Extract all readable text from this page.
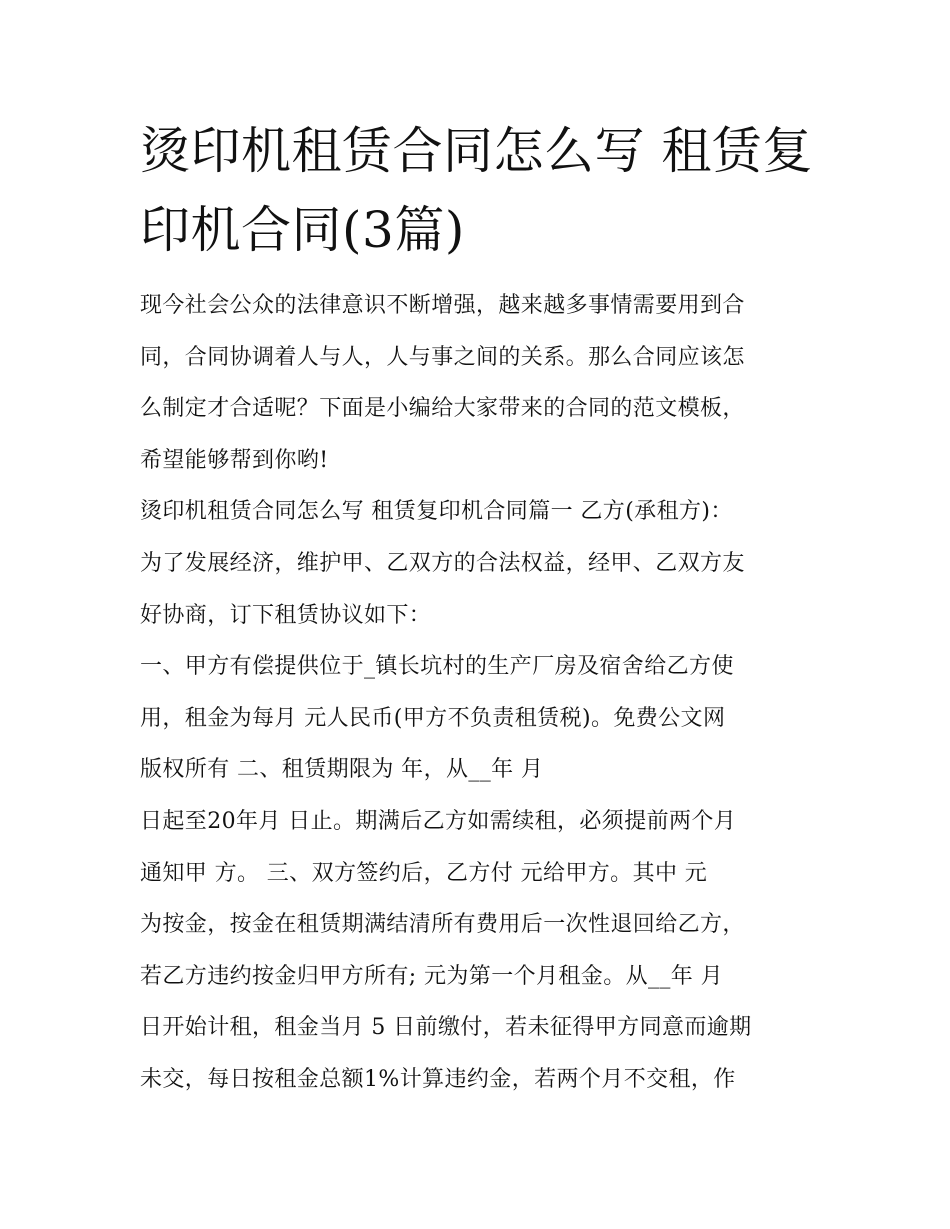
烫印机租赁合同怎么写 租赁复
印机合同(3篇)
现今社会公众的法律意识不断增强，越来越多事情需要用到合
同，合同协调着人与人，人与事之间的关系。那么合同应该怎
么制定才合适呢？下面是小编给大家带来的合同的范文模板，
希望能够帮到你哟!
烫印机租赁合同怎么写 租赁复印机合同篇一 乙方(承租方)：
为了发展经济，维护甲、乙双方的合法权益，经甲、乙双方友
好协商，订下租赁协议如下：
一、甲方有偿提供位于_镇长坑村的生产厂房及宿舍给乙方使
用，租金为每月 元人民币(甲方不负责租赁税)。免费公文网
版权所有 二、租赁期限为 年，从__年 月
日起至20年月 日止。期满后乙方如需续租，必须提前两个月
通知甲 方。 三、双方签约后，乙方付 元给甲方。其中 元
为按金，按金在租赁期满结清所有费用后一次性退回给乙方，
若乙方违约按金归甲方所有; 元为第一个月租金。从__年 月
日开始计租，租金当月 5 日前缴付，若未征得甲方同意而逾期
未交，每日按租金总额1%计算违约金，若两个月不交租，作
